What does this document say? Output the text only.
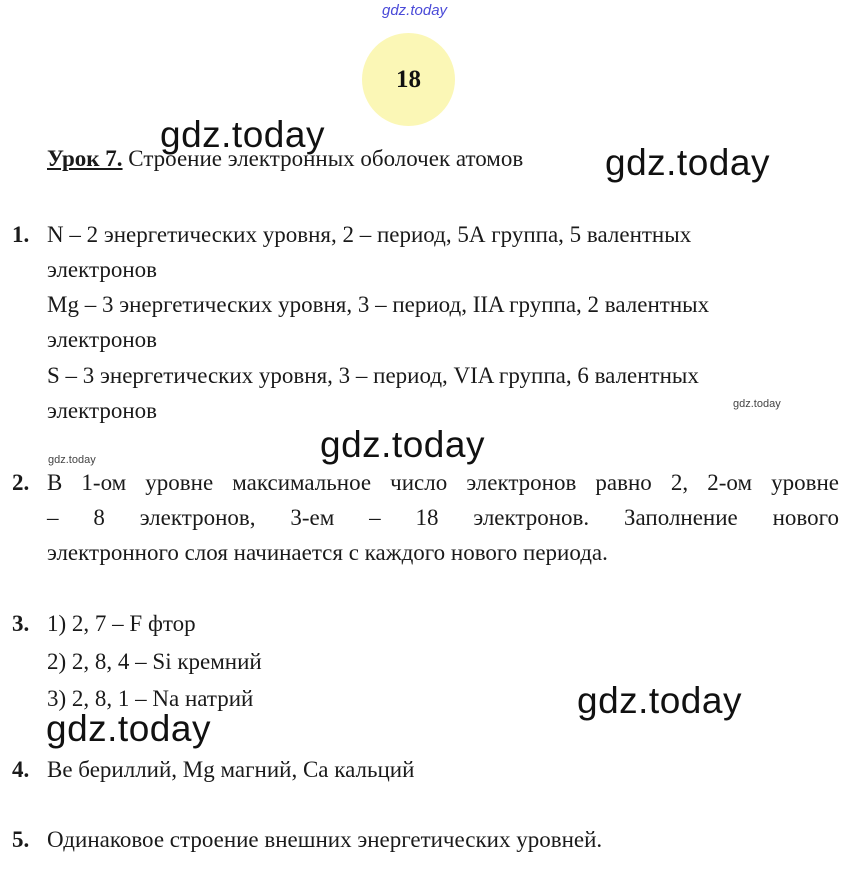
gdz.today
18
gdz.today
gdz.today
gdz.today
gdz.today
gdz.today
gdz.today
gdz.today
Урок 7. Строение электронных оболочек атомов
1. N – 2 энергетических уровня, 2 – период, 5А группа, 5 валентных
электронов
Mg – 3 энергетических уровня, 3 – период, IIA группа, 2 валентных
электронов
S – 3 энергетических уровня, 3 – период, VIA группа, 6 валентных
электронов
2. В 1-ом уровне максимальное число электронов равно 2, 2-ом уровне
– 8 электронов, 3-ем – 18 электронов. Заполнение нового
электронного слоя начинается с каждого нового периода.
3. 1) 2, 7 – F фтор
2) 2, 8, 4 – Si кремний
3) 2, 8, 1 – Na натрий
4. Ве бериллий, Mg магний, Са кальций
5. Одинаковое строение внешних энергетических уровней.
